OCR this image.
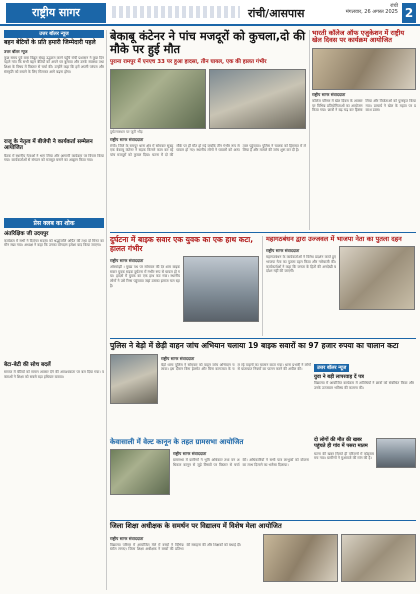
राष्ट्रीय सागर	रांची/आसपास
रांची
मंगलवार, 26 अगस्त 2025 2
उत्तर बॉलर न्यूज
बहन बेटियों के प्रति हमारी जिम्मेदारी पहले
उत्तर बॉलर न्यूज
कुछ समय पूर्व बारा विद्युत संग्रह उद्घाटन करने पहुँचे रांची प्रशासन ने कुछ दिन पहले गांव कि सभी बहन बेटियों को अपने घर बुलाया और उनके स्वास्थ्य तथा शिक्षा के विषय में विस्तार से चर्चा की। उन्होंने कहा कि हमें अपनी परंपरा और संस्कृति को बचाने के लिए मिलकर आगे बढ़ना होगा।
राजू के नेतृत्व में बीजेपी ने कार्यकर्ता सम्मेलन आयोजित
बैठक में स्थानीय नेताओं ने भाग लिया और आगामी कार्यक्रम पर विचार किया गया। कार्यकर्ताओं से संगठन को मजबूत बनाने का आह्वान किया गया।
प्रेस क्लब का शोक
अंतरिक्षिक जी उदयपुर
कार्यक्रम में सभी ने दिवंगत सदस्य को श्रद्धांजलि अर्पित की तथा दो मिनट का मौन रखा गया। अध्यक्ष ने कहा कि उनका योगदान हमेशा याद किया जाएगा।
बेटा-बेटी की सोच बदलें
समाज में बेटियों को समान अवसर देने की आवश्यकता पर बल दिया गया। वक्ताओं ने शिक्षा को सबसे बड़ा हथियार बताया।
बेकाबू कंटेनर ने पांच मजदूरों को कुचला,दो की मौके पर हुई मौत
पुराना रामपुर में एनएच 33 पर हुआ हादसा, तीन घायल, एक की हालत गंभीर
दुर्घटनास्थल पर जुटी भीड़
राष्ट्रीय सागर संवाददाता
रांची। जिले के रामपुर थाना क्षेत्र में सोमवार सुबह एक बेकाबू कंटेनर ने सड़क किनारे काम कर रहे पांच मजदूरों को कुचल दिया। घटना में दो की मौके पर ही मौत हो गई जबकि तीन गंभीर रूप से घायल हो गए। स्थानीय लोगों ने घायलों को अस्पताल पहुंचाया। पुलिस ने चालक को हिरासत में ले लिया है और मामले की जांच शुरू कर दी है।
भारती कॉलेज ऑफ एजुकेशन में राष्ट्रीय खेल दिवस पर कार्यक्रम आयोजित
राष्ट्रीय सागर संवाददाता
कॉलेज परिसर में खेल दिवस के अवसर पर विभिन्न प्रतियोगिताओं का आयोजन किया गया। छात्रों ने बढ़ चढ़ कर हिस्सा लिया और विजेताओं को पुरस्कृत किया गया। प्राचार्य ने खेल के महत्व पर प्रकाश डाला।
दुर्घटना में बाइक सवार एक युवक का एक हाथ कटा, हालत गंभीर
राष्ट्रीय सागर संवाददाता
ओरमांझी । मुख्य पथ पर सोमवार की देर शाम बाइक सवार युवक सड़क दुर्घटना में गंभीर रूप से घायल हो गया। हादसे में युवक का एक हाथ कट गया। स्थानीय लोगों ने उसे रिम्स पहुंचाया जहां उसका इलाज चल रहा है।
महागठबंधन द्वारा उज्जवल में भाजपा नेता का पुतला दहन
राष्ट्रीय सागर संवाददाता
महागठबंधन के कार्यकर्ताओं ने विरोध प्रदर्शन करते हुए भाजपा नेता का पुतला दहन किया और नारेबाजी की। कार्यकर्ताओं ने कहा कि जनता के हितों की अनदेखी बर्दाश्त नहीं की जाएगी।
पुलिस ने बेड़ो में छेड़ी वाहन जांच अभियान चलाया 19 बाइक सवारों का 97 हजार रुपया का चालान कटा
राष्ट्रीय सागर संवाददाता
बेड़ो थाना पुलिस ने सोमवार को वाहन जांच अभियान चलाया। इस दौरान बिना हेलमेट और बिना कागजात के चल रहे वाहनों का चालान काटा गया। थाना प्रभारी ने लोगों से यातायात नियमों का पालन करने की अपील की।	उत्तर बॉलर न्यूज
युवा ने बड़ी लापरवाह दें पत्र
विद्यालय में आयोजित कार्यक्रम में अतिथियों ने छात्रों को संबोधित किया और उनके उज्जवल भविष्य की कामना की।
केवासाली में वेल्ट कानून के तहत ग्रामसभा आयोजित
राष्ट्रीय सागर संवाददाता
ग्रामसभा में ग्रामीणों ने भूमि अधिकार तथा वन अधिकार कानून से जुड़े विषयों पर विस्तार से चर्चा की। अधिकारियों ने सभी पात्र लाभुकों को योजना का लाभ दिलाने का भरोसा दिलाया।
दो लोगों की मौत की खबर पहुंचते ही गांव में पसरा मातम
घटना की खबर मिलते ही परिजनों में कोहराम मच गया। ग्रामीणों ने मुआवजे की मांग की है।
जिला शिक्षा अधीक्षक के समर्थन पर विद्यालय में विशेष मेला आयोजित
राष्ट्रीय सागर संवाददाता
विद्यालय परिसर में आयोजित मेले में बच्चों ने विभिन्न स्टॉल लगाए। जिला शिक्षा अधीक्षक ने बच्चों की प्रतिभा की सराहना की और शिक्षकों को बधाई दी।
